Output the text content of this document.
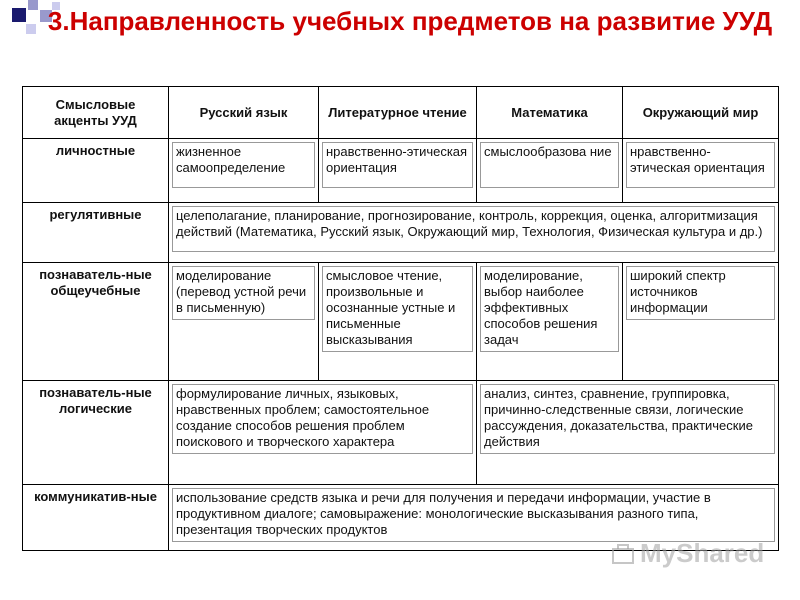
3.Направленность учебных предметов на развитие УУД
Смысловые акценты УУД	Русский язык	Литературное чтение	Математика	Окружающий мир
личностные	жизненное самоопределение	нравственно-этическая ориентация	смыслообразова ние	нравственно-этическая ориентация

регулятивные	целеполагание, планирование, прогнозирование, контроль, коррекция, оценка, алгоритмизация действий (Математика, Русский язык, Окружающий мир, Технология, Физическая культура и др.)			

познаватель-ные общеучебные	моделирование (перевод устной речи в письменную)	смысловое чтение, произвольные и осознанные устные и письменные высказывания	моделирование, выбор наиболее эффективных способов решения задач	широкий спектр источников информации

познаватель-ные логические	формулирование личных, языковых, нравственных проблем; самостоятельное создание способов решения проблем поискового и творческого характера		анализ, синтез, сравнение, группировка, причинно-следственные связи, логические рассуждения, доказательства, практические действия	

коммуникатив-ные	использование средств языка и речи для получения и передачи информации, участие в продуктивном диалоге; самовыражение: монологические высказывания разного типа, презентация творческих продуктов			
MyShared
